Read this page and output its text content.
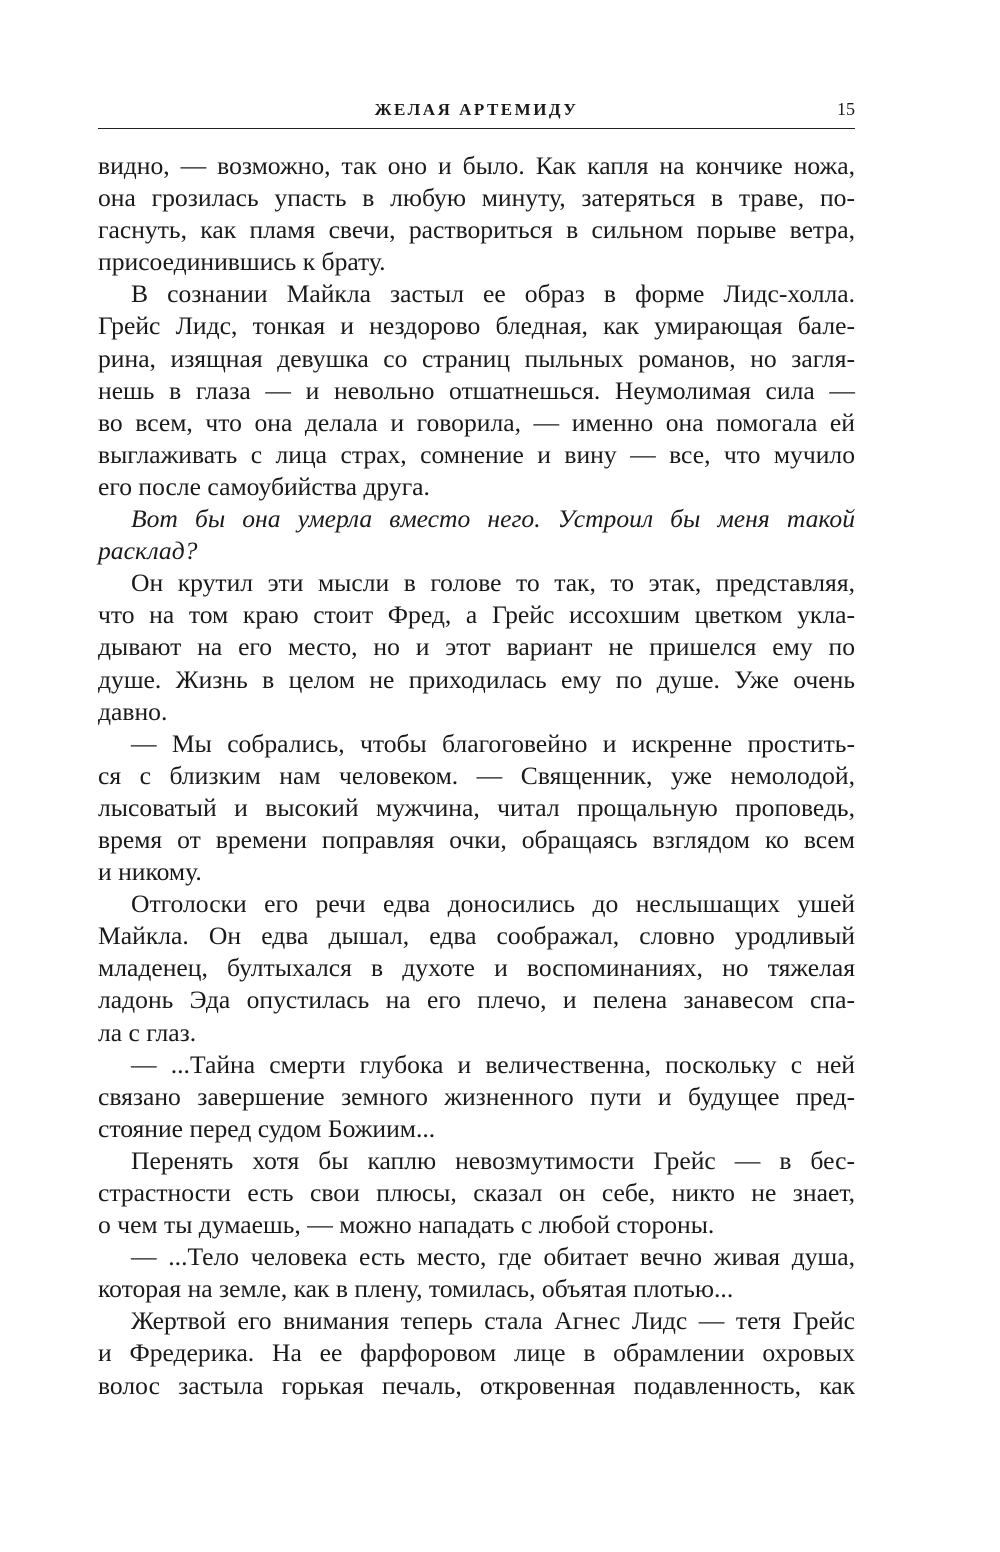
ЖЕЛАЯ АРТЕМИДУ	15
видно, — возможно, так оно и было. Как капля на кончике ножа,
она грозилась упасть в любую минуту, затеряться в траве, по-
гаснуть, как пламя свечи, раствориться в сильном порыве ветра,
присоединившись к брату.
В сознании Майкла застыл ее образ в форме Лидс-холла.
Грейс Лидс, тонкая и нездорово бледная, как умирающая бале-
рина, изящная девушка со страниц пыльных романов, но загля-
нешь в глаза — и невольно отшатнешься. Неумолимая сила —
во всем, что она делала и говорила, — именно она помогала ей
выглаживать с лица страх, сомнение и вину — все, что мучило
его после самоубийства друга.
Вот бы она умерла вместо него. Устроил бы меня такой
расклад?
Он крутил эти мысли в голове то так, то этак, представляя,
что на том краю стоит Фред, а Грейс иссохшим цветком укла-
дывают на его место, но и этот вариант не пришелся ему по
душе. Жизнь в целом не приходилась ему по душе. Уже очень
давно.
— Мы собрались, чтобы благоговейно и искренне простить-
ся с близким нам человеком. — Священник, уже немолодой,
лысоватый и высокий мужчина, читал прощальную проповедь,
время от времени поправляя очки, обращаясь взглядом ко всем
и никому.
Отголоски его речи едва доносились до неслышащих ушей
Майкла. Он едва дышал, едва соображал, словно уродливый
младенец, бултыхался в духоте и воспоминаниях, но тяжелая
ладонь Эда опустилась на его плечо, и пелена занавесом спа-
ла с глаз.
— ...Тайна смерти глубока и величественна, поскольку с ней
связано завершение земного жизненного пути и будущее пред-
стояние перед судом Божиим...
Перенять хотя бы каплю невозмутимости Грейс — в бес-
страстности есть свои плюсы, сказал он себе, никто не знает,
о чем ты думаешь, — можно нападать с любой стороны.
— ...Тело человека есть место, где обитает вечно живая душа,
которая на земле, как в плену, томилась, объятая плотью...
Жертвой его внимания теперь стала Агнес Лидс — тетя Грейс
и Фредерика. На ее фарфоровом лице в обрамлении охровых
волос застыла горькая печаль, откровенная подавленность, как
